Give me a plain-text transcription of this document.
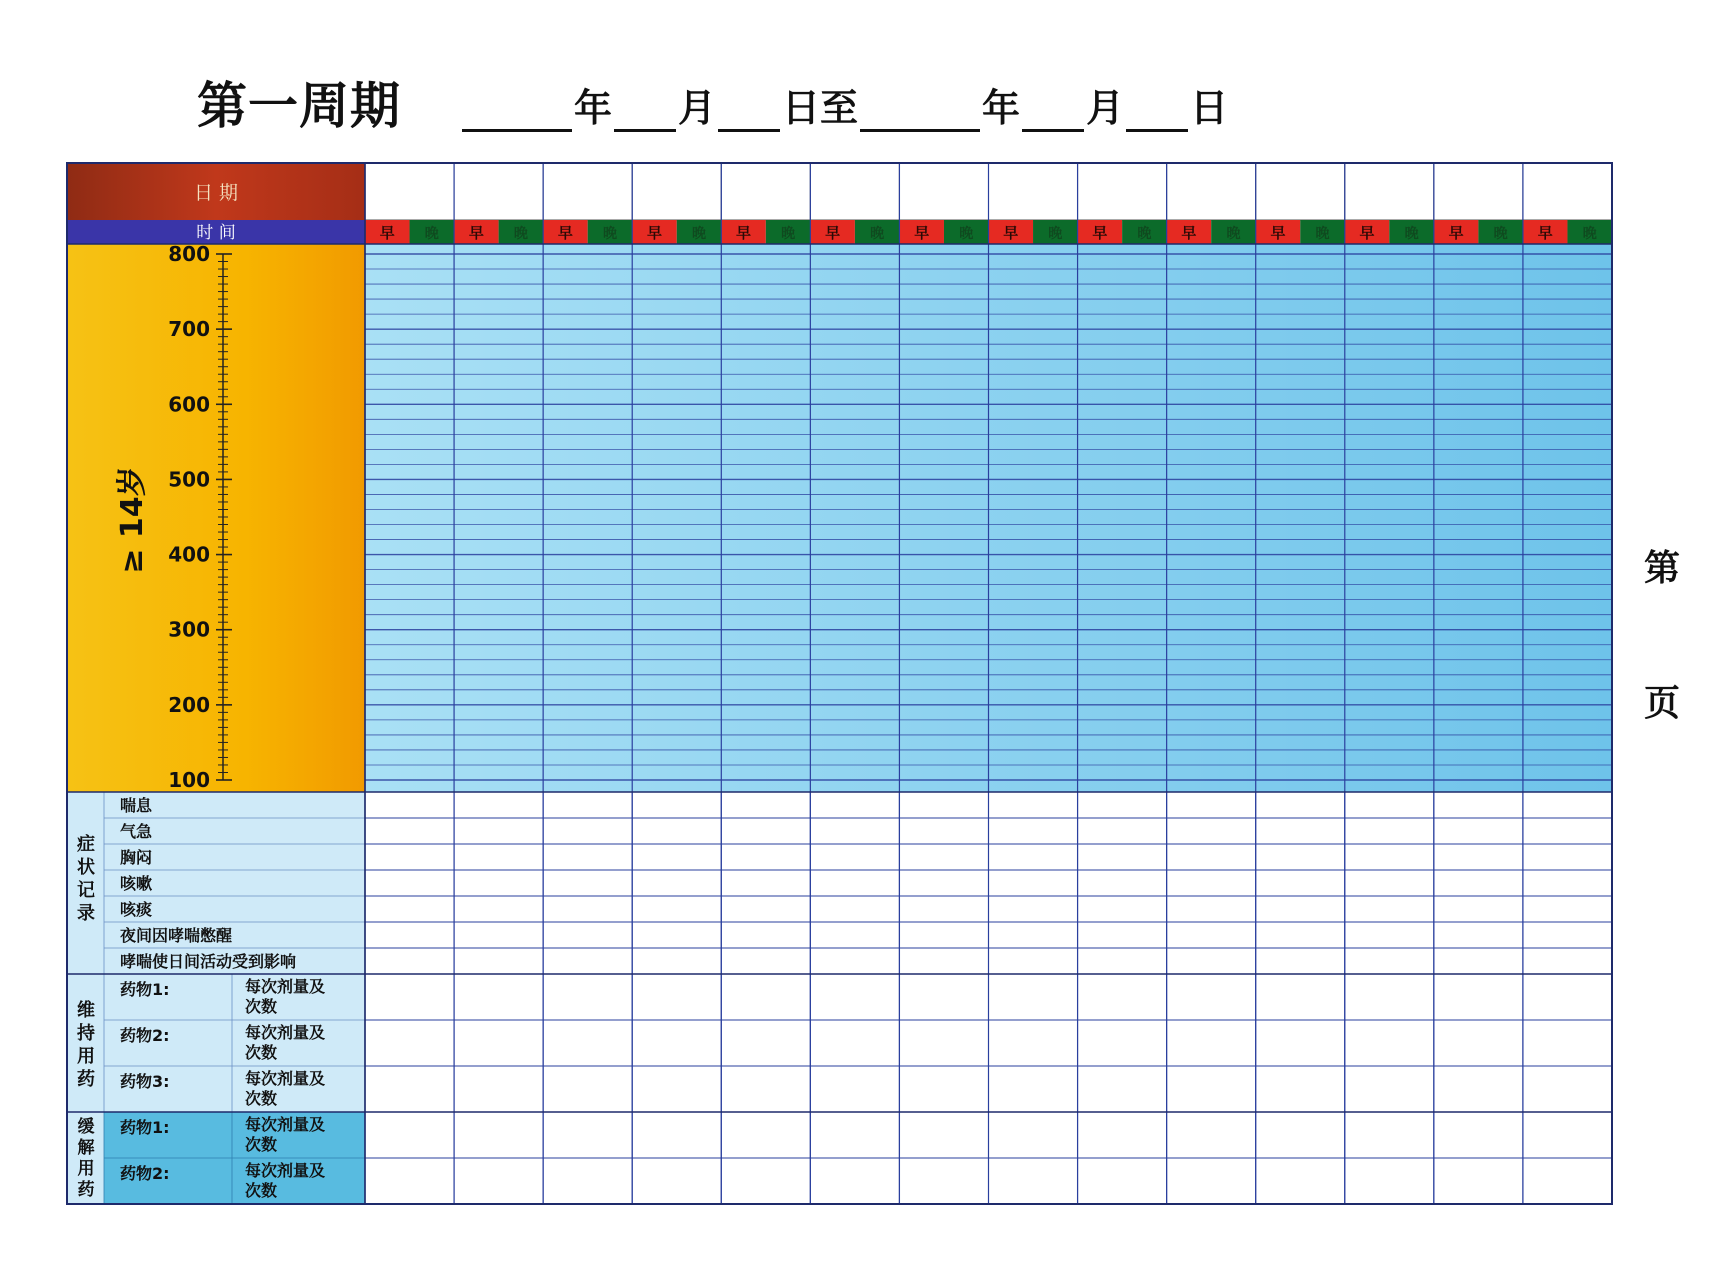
第一周期	年 月 日至	年 月 日
日 期
时 间	早 晚 早 晚 早 晚 早 晚 早 晚 早 晚 早 晚 早 晚 早 晚 早 晚 早 晚 早 晚 早 晚 早 晚
≥ 14岁
800
700
600
500
400
300
200
100
症
状
记
录
喘息
气急
胸闷
咳嗽
咳痰
夜间因哮喘憋醒
哮喘使日间活动受到影响
维
持
用
药
药物1:	每次剂量及
次数
药物2:	每次剂量及
次数
药物3:	每次剂量及
次数
缓
解
用
药
药物1:	每次剂量及
次数
药物2:	每次剂量及
次数
第
页
